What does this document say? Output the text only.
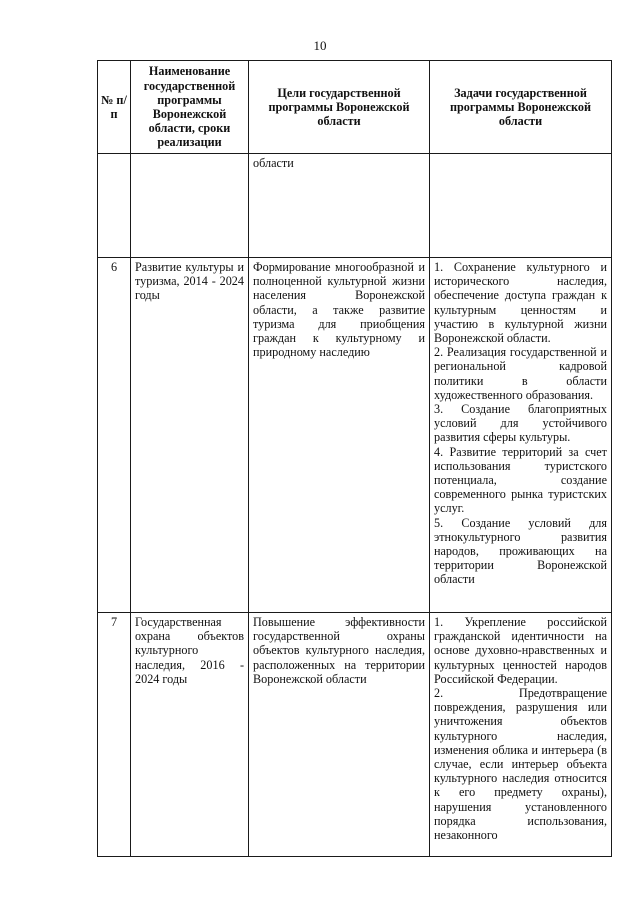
10
№ п/п	Наименование государственной программы Воронежской области, сроки реализации	Цели государственной программы Воронежской области	Задачи государственной программы Воронежской области
		области	
6	Развитие культуры и туризма, 2014 - 2024 годы	Формирование многообразной и полноценной культурной жизни населения Воронежской области, а также развитие туризма для приобщения граждан к культурному и природному наследию	1. Сохранение культурного и исторического наследия, обеспечение доступа граждан к культурным ценностям и участию в культурной жизни Воронежской области.
2. Реализация государственной и региональной кадровой политики в области художественного образования.
3. Создание благоприятных условий для устойчивого развития сферы культуры.
4. Развитие территорий за счет использования туристского потенциала, создание современного рынка туристских услуг.
5. Создание условий для этнокультурного развития народов, проживающих на территории Воронежской области

7	Государственная охрана объектов культурного наследия, 2016 - 2024 годы	Повышение эффективности государственной охраны объектов культурного наследия, расположенных на территории Воронежской области	1. Укрепление российской гражданской идентичности на основе духовно-нравственных и культурных ценностей народов Российской Федерации.
2. Предотвращение повреждения, разрушения или уничтожения объектов культурного наследия, изменения облика и интерьера (в случае, если интерьер объекта культурного наследия относится к его предмету охраны), нарушения установленного порядка использования, незаконного
